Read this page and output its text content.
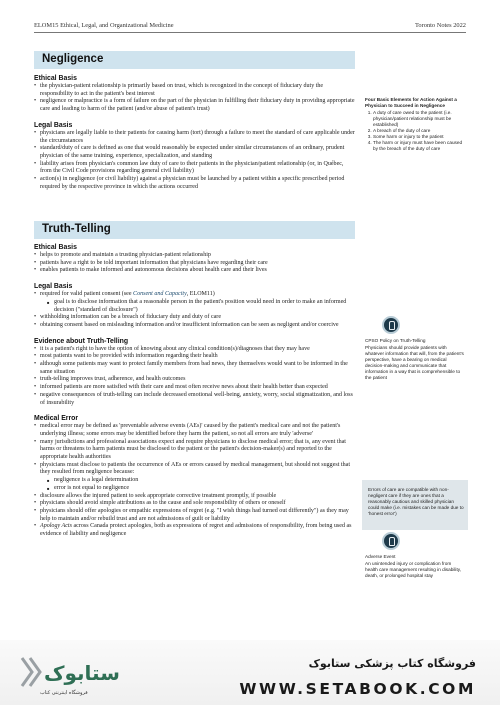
ELOM15 Ethical, Legal, and Organizational Medicine	Toronto Notes 2022
Negligence
Ethical Basis
• the physician-patient relationship is primarily based on trust, which is recognized in the concept of fiduciary duty the responsibility to act in the patient's best interest
• negligence or malpractice is a form of failure on the part of the physician in fulfilling their fiduciary duty in providing appropriate care and leading to harm of the patient (and/or abuse of patient's trust)
Legal Basis
• physicians are legally liable to their patients for causing harm (tort) through a failure to meet the standard of care applicable under the circumstances
• standard/duty of care is defined as one that would reasonably be expected under similar circumstances of an ordinary, prudent physician of the same training, experience, specialization, and standing
• liability arises from physician's common law duty of care to their patients in the physician/patient relationship (or, in Québec, from the Civil Code provisions regarding general civil liability)
• action(s) in negligence (or civil liability) against a physician must be launched by a patient within a specific prescribed period required by the respective province in which the actions occurred
Truth-Telling
Ethical Basis
• helps to promote and maintain a trusting physician-patient relationship
• patients have a right to be told important information that physicians have regarding their care
• enables patients to make informed and autonomous decisions about health care and their lives
Legal Basis
• required for valid patient consent (see Consent and Capacity, ELOM11)
■ goal is to disclose information that a reasonable person in the patient's position would need in order to make an informed decision ("standard of disclosure")
• withholding information can be a breach of fiduciary duty and duty of care
• obtaining consent based on misleading information and/or insufficient information can be seen as negligent and/or coercive
Evidence about Truth-Telling
• it is a patient's right to have the option of knowing about any clinical condition(s)/diagnoses that they may have
• most patients want to be provided with information regarding their health
• although some patients may want to protect family members from bad news, they themselves would want to be informed in the same situation
• truth-telling improves trust, adherence, and health outcomes
• informed patients are more satisfied with their care and most often receive news about their health better than expected
• negative consequences of truth-telling can include decreased emotional well-being, anxiety, worry, social stigmatization, and loss of insurability
Medical Error
• medical error may be defined as 'preventable adverse events (AEs)' caused by the patient's medical care and not the patient's underlying illness; some errors may be identified before they harm the patient, so not all errors are truly 'adverse'
• many jurisdictions and professional associations expect and require physicians to disclose medical error; that is, any event that harms or threatens to harm patients must be disclosed to the patient or the patient's decision-maker(s) and reported to the appropriate health authorities
• physicians must disclose to patients the occurrence of AEs or errors caused by medical management, but should not suggest that they resulted from negligence because:
■ negligence is a legal determination
■ error is not equal to negligence
• disclosure allows the injured patient to seek appropriate corrective treatment promptly, if possible
• physicians should avoid simple attributions as to the cause and sole responsibility of others or oneself
• physicians should offer apologies or empathic expressions of regret (e.g. "I wish things had turned out differently") as they may help to maintain and/or rebuild trust and are not admissions of guilt or liability
• Apology Acts across Canada protect apologies, both as expressions of regret and admissions of responsibility, from being used as evidence of liability and negligence
Four Basic Elements for Action Against a Physician to Succeed in Negligence
1. A duty of care owed to the patient (i.e. physician/patient relationship must be established)
2. A breach of the duty of care
3. Some harm or injury to the patient
4. The harm or injury must have been caused by the breach of the duty of care
CPSO Policy on Truth-Telling

Physicians should provide patients with whatever information that will, from the patient's perspective, have a bearing on medical decision-making and communicate that information in a way that is comprehensible to the patient

Errors of care are compatible with non-negligent care if they are ones that a reasonably cautious and skilled physician could make (i.e. mistakes can be made due to 'honest error')

Adverse Event

An unintended injury or complication from health care management resulting in disability, death, or prolonged hospital stay

ستابوک
فروشگاه اینترنتی کتاب
فروشگاه کتاب پزشکی ستابوک
WWW.SETABOOK.COM
